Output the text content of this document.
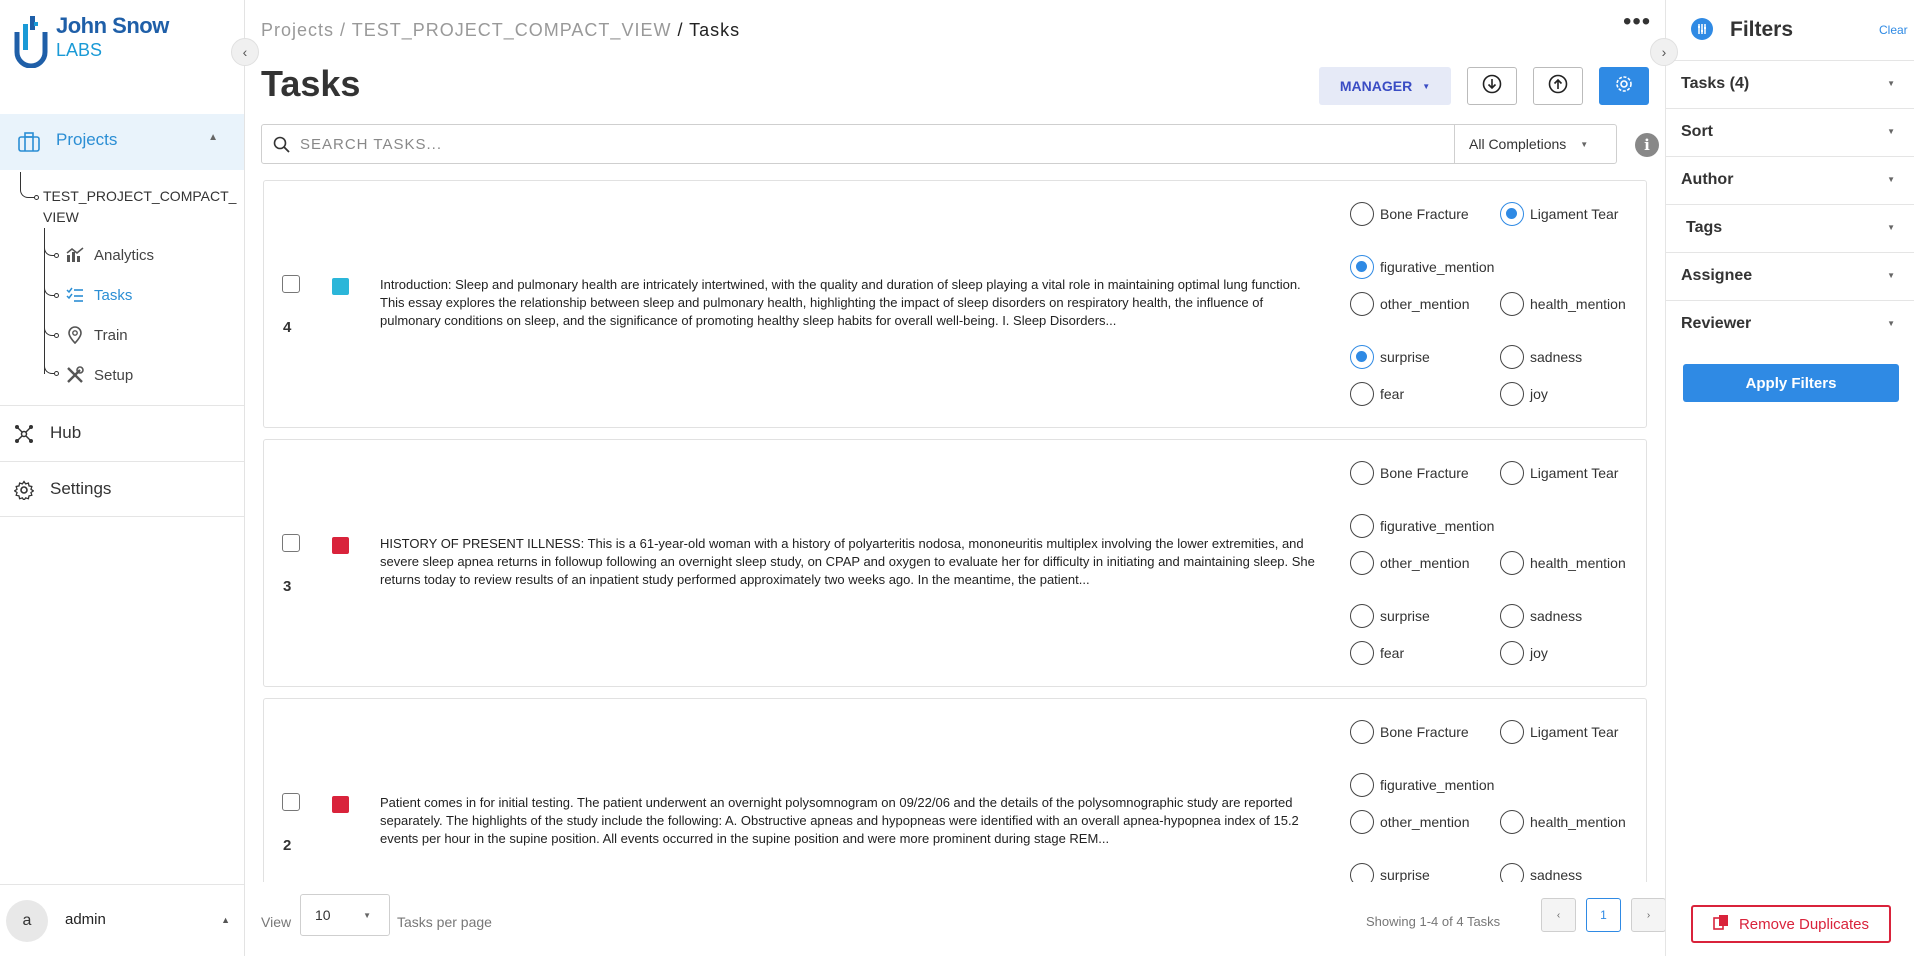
John Snow
LABS	‹
Projects	▲
TEST_PROJECT_COMPACT_VIEW
Analytics
Tasks
Train
Setup
Hub
Settings
a	admin	▲
Projects / TEST_PROJECT_COMPACT_VIEW / Tasks	•••
Tasks	MANAGER ▼
›
SEARCH TASKS...
All Completions ▼	i
4
Introduction: Sleep and pulmonary health are intricately intertwined, with the quality and duration of sleep playing a vital role in maintaining optimal lung function. This essay explores the relationship between sleep and pulmonary health, highlighting the impact of sleep disorders on respiratory health, the influence of pulmonary conditions on sleep, and the significance of promoting healthy sleep habits for overall well-being. I. Sleep Disorders...
Bone Fracture	Ligament Tear
figurative_mention
other_mention	health_mention
surprise	sadness
fear	joy
3
HISTORY OF PRESENT ILLNESS: This is a 61-year-old woman with a history of polyarteritis nodosa, mononeuritis multiplex involving the lower extremities, and severe sleep apnea returns in followup following an overnight sleep study, on CPAP and oxygen to evaluate her for difficulty in initiating and maintaining sleep. She returns today to review results of an inpatient study performed approximately two weeks ago. In the meantime, the patient...
Bone Fracture	Ligament Tear
figurative_mention
other_mention	health_mention
surprise	sadness
fear	joy
2
Patient comes in for initial testing. The patient underwent an overnight polysomnogram on 09/22/06 and the details of the polysomnographic study are reported separately. The highlights of the study include the following: A. Obstructive apneas and hypopneas were identified with an overall apnea-hypopnea index of 15.2 events per hour in the supine position. All events occurred in the supine position and were more prominent during stage REM...
Bone Fracture	Ligament Tear
figurative_mention
other_mention	health_mention
surprise	sadness
View 10	▼ Tasks per page	Showing 1-4 of 4 Tasks	‹	1	›
Filters	Clear
Tasks (4)	▼
Sort	▼
Author	▼
Tags	▼
Assignee	▼
Reviewer	▼
Apply Filters
Remove Duplicates
